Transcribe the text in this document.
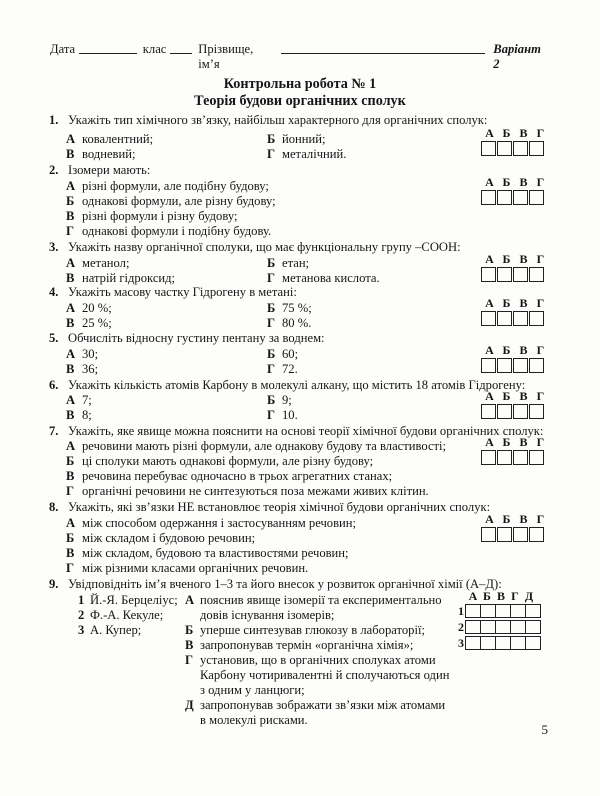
Дата	клас	Прізвище, ім’я
Варіант 2
Контрольна робота № 1
Теорія будови органічних сполук
1. Укажіть тип хімічного зв’язку, найбільш характерного для органічних сполук:
А ковалентний;	Б йонний;
В водневий;	Г металічний.
А Б В Г
2. Ізомери мають:
А різні формули, але подібну будову;
Б однакові формули, але різну будову;
В різні формули і різну будову;
Г однакові формули і подібну будову.
А Б В Г
3. Укажіть назву органічної сполуки, що має функціональну групу –СООН:
А метанол;	Б етан;
В натрій гідроксид;	Г метанова кислота.
А Б В Г
4. Укажіть масову частку Гідрогену в метані:
А 20 %;	Б 75 %;
В 25 %;	Г 80 %.
А Б В Г
5. Обчисліть відносну густину пентану за воднем:
А 30;	Б 60;
В 36;	Г 72.
А Б В Г
6. Укажіть кількість атомів Карбону в молекулі алкану, що містить 18 атомів Гідрогену:
А 7;	Б 9;
В 8;	Г 10.
А Б В Г
7. Укажіть, яке явище можна пояснити на основі теорії хімічної будови органічних сполук:
А речовини мають різні формули, але однакову будову та властивості;
Б ці сполуки мають однакові формули, але різну будову;
В речовина перебуває одночасно в трьох агрегатних станах;
Г органічні речовини не синтезуються поза межами живих клітин.
А Б В Г
8. Укажіть, які зв’язки НЕ встановлює теорія хімічної будови органічних сполук:
А між способом одержання і застосуванням речовин;
Б між складом і будовою речовин;
В між складом, будовою та властивостями речовин;
Г між різними класами органічних речовин.
А Б В Г
9. Увідповідніть ім’я вченого 1–3 та його внесок у розвиток органічної хімії (А–Д):
1 Й.-Я. Берцеліус;
2 Ф.-А. Кекуле;
3 А. Купер;
А пояснив явище ізомерії та експериментально
довів існування ізомерів;
Б уперше синтезував глюкозу в лабораторії;
В запропонував термін «органічна хімія»;
Г установив, що в органічних сполуках атоми
Карбону чотиривалентні й сполучаються один
з одним у ланцюги;
Д запропонував зображати зв’язки між атомами
в молекулі рисками.
А Б В Г Д
1
2
3
5
